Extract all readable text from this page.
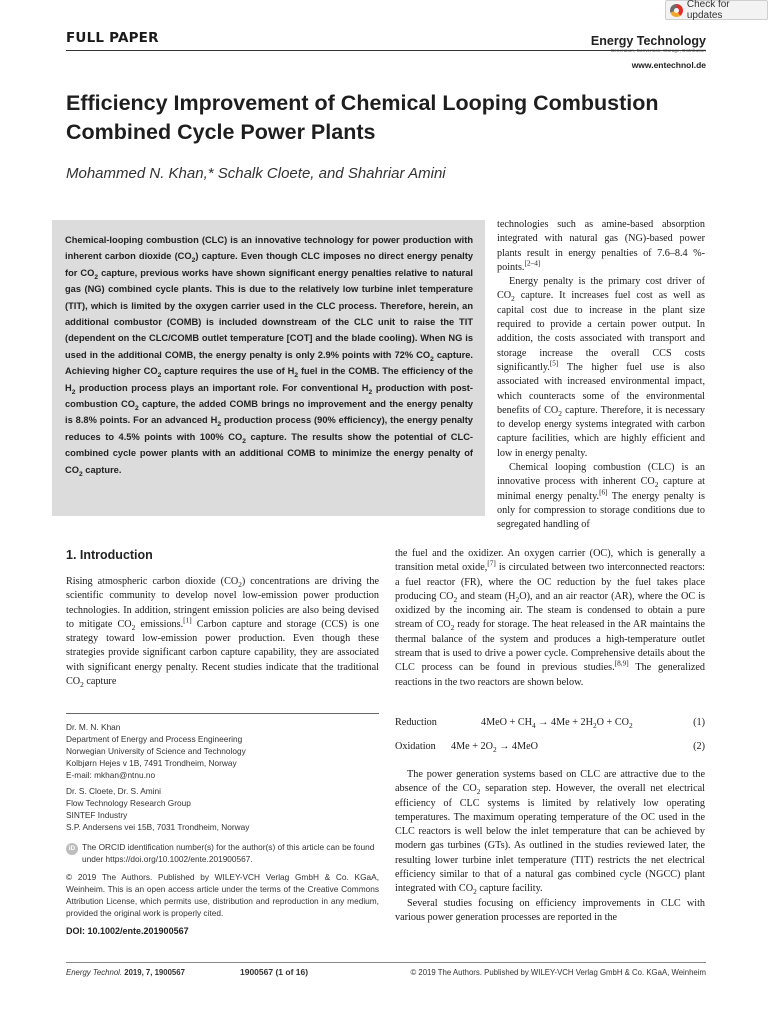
Check for updates
FULL PAPER	Energy Technology
Generation, Conversion, Storage, Distribution
www.entechnol.de
Efficiency Improvement of Chemical Looping Combustion Combined Cycle Power Plants
Mohammed N. Khan,* Schalk Cloete, and Shahriar Amini
Chemical-looping combustion (CLC) is an innovative technology for power production with inherent carbon dioxide $(CO_2)$ capture. Even though CLC imposes no direct energy penalty for $CO_2$ capture, previous works have shown significant energy penalties relative to natural gas (NG) combined cycle plants. This is due to the relatively low turbine inlet temperature (TIT), which is limited by the oxygen carrier used in the CLC process. Therefore, herein, an additional combustor (COMB) is included downstream of the CLC unit to raise the TIT (dependent on the CLC/COMB outlet temperature [COT] and the blade cooling). When NG is used in the additional COMB, the energy penalty is only 2.9% points with 72% $CO_2$ capture. Achieving higher $CO_2$ capture requires the use of $H_2$ fuel in the COMB. The efficiency of the $H_2$ production process plays an important role. For conventional $H_2$ production with post-combustion $CO_2$ capture, the added COMB brings no improvement and the energy penalty is 8.8% points. For an advanced $H_2$ production process (90% efficiency), the energy penalty reduces to 4.5% points with 100% $CO_2$ capture. The results show the potential of CLC-combined cycle power plants with an additional COMB to minimize the energy penalty of $CO_2$ capture.

technologies such as amine-based absorption integrated with natural gas (NG)-based power plants result in energy penalties of 7.6–8.4 %-points.[2–4]

Energy penalty is the primary cost driver of $CO_2$ capture. It increases fuel cost as well as capital cost due to increase in the plant size required to provide a certain power output. In addition, the costs associated with transport and storage increase the overall CCS costs significantly.[5] The higher fuel use is also associated with increased environmental impact, which counteracts some of the environmental benefits of $CO_2$ capture. Therefore, it is necessary to develop energy systems integrated with carbon capture facilities, which are highly efficient and low in energy penalty.

Chemical looping combustion (CLC) is an innovative process with inherent $CO_2$ capture at minimal energy penalty.[6] The energy penalty is only for compression to storage conditions due to segregated handling of

the fuel and the oxidizer. An oxygen carrier (OC), which is generally a transition metal oxide,[7] is circulated between two interconnected reactors: a fuel reactor (FR), where the OC reduction by the fuel takes place producing $CO_2$ and steam $(H_2O)$, and an air reactor (AR), where the OC is oxidized by the incoming air. The steam is condensed to obtain a pure stream of $CO_2$ ready for storage. The heat released in the AR maintains the thermal balance of the system and produces a high-temperature outlet stream that is used to drive a power cycle. Comprehensive details about the CLC process can be found in previous studies.[8,9] The generalized reactions in the two reactors are shown below.
Reduction	$4MeO + CH_4 \to 4Me + 2H_2O + CO_2$	(1)
Oxidation	$4Me + 2O_2 \to 4MeO$	(2)

The power generation systems based on CLC are attractive due to the absence of the $CO_2$ separation step. However, the overall net electrical efficiency of CLC systems is limited by relatively low operating temperatures. The maximum operating temperature of the OC used in the CLC reactors is well below the inlet temperature that can be achieved by modern gas turbines (GTs). As outlined in the studies reviewed later, the resulting lower turbine inlet temperature (TIT) restricts the net electrical efficiency similar to that of a natural gas combined cycle (NGCC) plant integrated with $CO_2$ capture facility.

Several studies focusing on efficiency improvements in CLC with various power generation processes are reported in the

1. Introduction
Rising atmospheric carbon dioxide $(CO_2)$ concentrations are driving the scientific community to develop novel low-emission power production technologies. In addition, stringent emission policies are also being devised to mitigate $CO_2$ emissions.[1] Carbon capture and storage (CCS) is one strategy toward low-emission power production. Even though these strategies provide significant carbon capture capability, they are associated with significant energy penalty. Recent studies indicate that the traditional $CO_2$ capture
Dr. M. N. Khan
Department of Energy and Process Engineering
Norwegian University of Science and Technology
Kolbjørn Hejes v 1B, 7491 Trondheim, Norway
E-mail: mkhan@ntnu.no
Dr. S. Cloete, Dr. S. Amini
Flow Technology Research Group
SINTEF Industry
S.P. Andersens vei 15B, 7031 Trondheim, Norway
iD The ORCID identification number(s) for the author(s) of this article can be found under https://doi.org/10.1002/ente.201900567.
© 2019 The Authors. Published by WILEY-VCH Verlag GmbH & Co. KGaA, Weinheim. This is an open access article under the terms of the Creative Commons Attribution License, which permits use, distribution and reproduction in any medium, provided the original work is properly cited.
DOI: 10.1002/ente.201900567
Energy Technol. 2019, 7, 1900567	1900567 (1 of 16)	© 2019 The Authors. Published by WILEY-VCH Verlag GmbH & Co. KGaA, Weinheim
